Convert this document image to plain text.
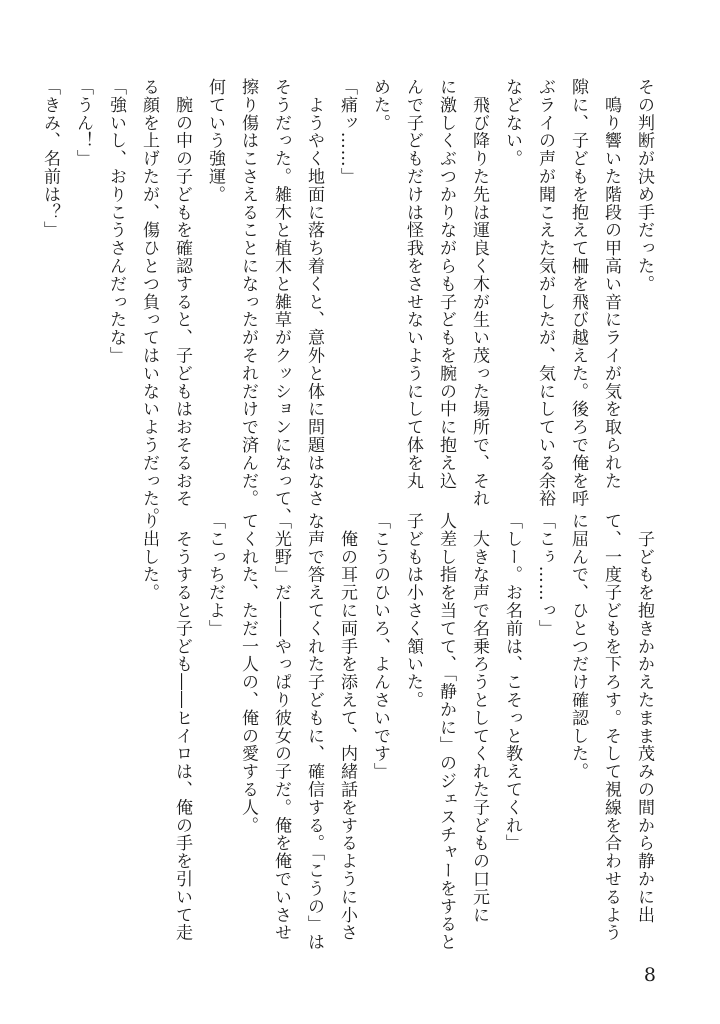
その判断が決め手だった。
　鳴り響いた階段の甲高い音にライが気を取られた
隙に、子どもを抱えて柵を飛び越えた。後ろで俺を呼
ぶライの声が聞こえた気がしたが、気にしている余裕
などない。
　飛び降りた先は運良く木が生い茂った場所で、それ
に激しくぶつかりながらも子どもを腕の中に抱え込
んで子どもだけは怪我をさせないようにして体を丸
めた。
「痛ッ……」
　ようやく地面に落ち着くと、意外と体に問題はなさ
そうだった。雑木と植木と雑草がクッションになって、
擦り傷はこさえることになったがそれだけで済んだ。
何ていう強運。
　腕の中の子どもを確認すると、子どもはおそるおそ
る顔を上げたが、傷ひとつ負ってはいないようだった。
「強いし、おりこうさんだったな」
「うん！」
「きみ、名前は？」
　子どもを抱きかかえたまま茂みの間から静かに出
て、一度子どもを下ろす。そして視線を合わせるよう
に屈んで、ひとつだけ確認した。
「こぅ……っ」
「しー。お名前は、こそっと教えてくれ」
　大きな声で名乗ろうとしてくれた子どもの口元に
人差し指を当てて、「静かに」のジェスチャーをすると
子どもは小さく頷いた。
「こうのひいろ、よんさいです」
　俺の耳元に両手を添えて、内緒話をするように小さ
な声で答えてくれた子どもに、確信する。「こうの」は
「光野」だ――やっぱり彼女の子だ。俺を俺でいさせ
てくれた、ただ一人の、俺の愛する人。
「こっちだよ」
　そうすると子ども――ヒイロは、俺の手を引いて走
り出した。
8
